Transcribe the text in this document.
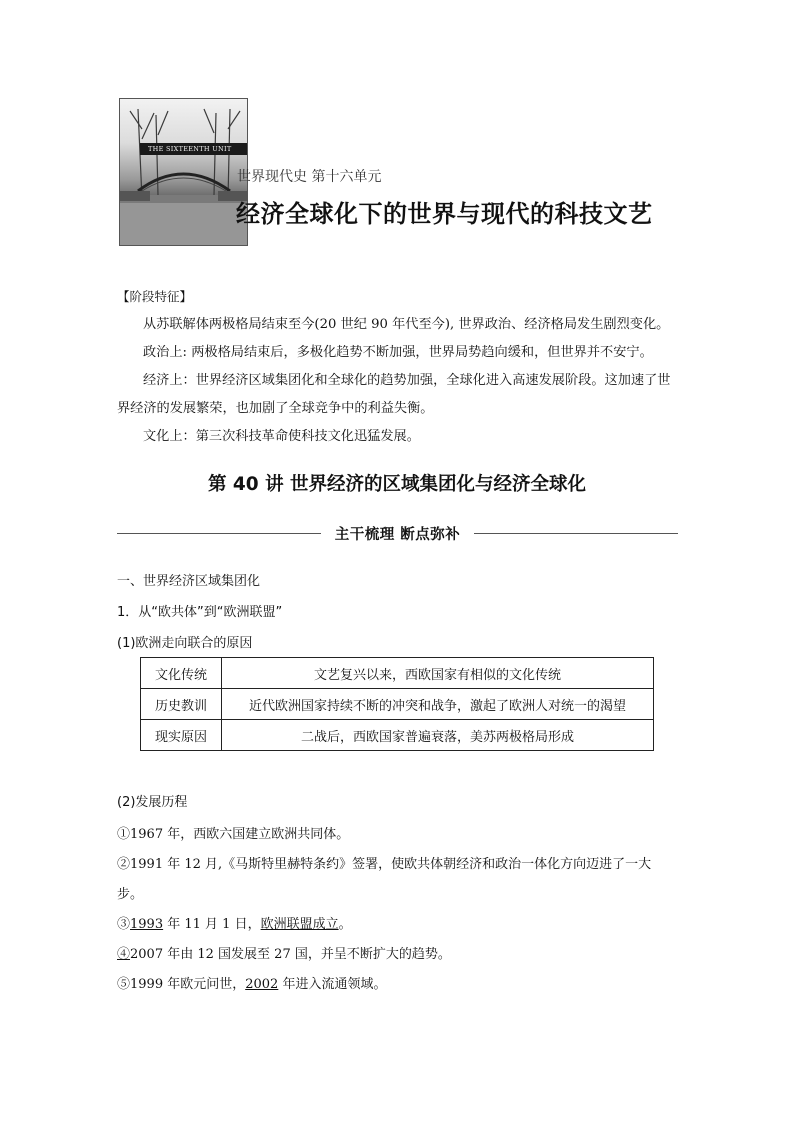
THE SIXTEENTH UNIT
世界现代史 第十六单元
经济全球化下的世界与现代的科技文艺
【阶段特征】

从苏联解体两极格局结束至今(20 世纪 90 年代至今), 世界政治、经济格局发生剧烈变化。

政治上: 两极格局结束后，多极化趋势不断加强，世界局势趋向缓和，但世界并不安宁。

经济上：世界经济区域集团化和全球化的趋势加强，全球化进入高速发展阶段。这加速了世界经济的发展繁荣，也加剧了全球竞争中的利益失衡。

文化上：第三次科技革命使科技文化迅猛发展。

第 40 讲 世界经济的区域集团化与经济全球化
主干梳理 断点弥补
一、世界经济区域集团化
1．从“欧共体”到“欧洲联盟”
(1)欧洲走向联合的原因
文化传统	文艺复兴以来，西欧国家有相似的文化传统
历史教训	近代欧洲国家持续不断的冲突和战争，激起了欧洲人对统一的渴望
现实原因	二战后，西欧国家普遍衰落，美苏两极格局形成
(2)发展历程
①1967 年，西欧六国建立欧洲共同体。
②1991 年 12 月,《马斯特里赫特条约》签署，使欧共体朝经济和政治一体化方向迈进了一大
步。
③1993 年 11 月 1 日，欧洲联盟成立。
④2007 年由 12 国发展至 27 国，并呈不断扩大的趋势。
⑤1999 年欧元问世，2002 年进入流通领域。
